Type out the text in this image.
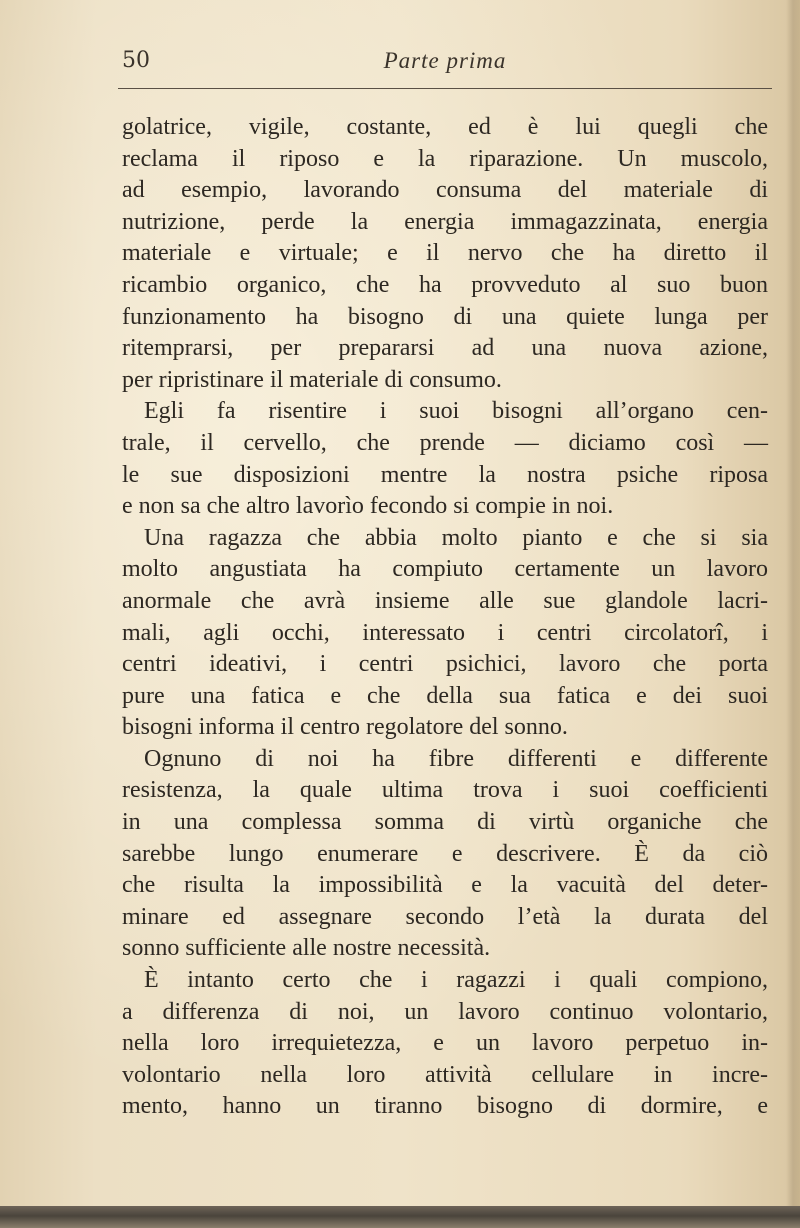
50	Parte prima
golatrice, vigile, costante, ed è lui quegli che
reclama il riposo e la riparazione. Un muscolo,
ad esempio, lavorando consuma del materiale di
nutrizione, perde la energia immagazzinata, energia
materiale e virtuale; e il nervo che ha diretto il
ricambio organico, che ha provveduto al suo buon
funzionamento ha bisogno di una quiete lunga per
ritemprarsi, per prepararsi ad una nuova azione,
per ripristinare il materiale di consumo.
Egli fa risentire i suoi bisogni all’organo cen-
trale, il cervello, che prende — diciamo così —
le sue disposizioni mentre la nostra psiche riposa
e non sa che altro lavorìo fecondo si compie in noi.
Una ragazza che abbia molto pianto e che si sia
molto angustiata ha compiuto certamente un lavoro
anormale che avrà insieme alle sue glandole lacri-
mali, agli occhi, interessato i centri circolatorî, i
centri ideativi, i centri psichici, lavoro che porta
pure una fatica e che della sua fatica e dei suoi
bisogni informa il centro regolatore del sonno.
Ognuno di noi ha fibre differenti e differente
resistenza, la quale ultima trova i suoi coefficienti
in una complessa somma di virtù organiche che
sarebbe lungo enumerare e descrivere. È da ciò
che risulta la impossibilità e la vacuità del deter-
minare ed assegnare secondo l’età la durata del
sonno sufficiente alle nostre necessità.
È intanto certo che i ragazzi i quali compiono,
a differenza di noi, un lavoro continuo volontario,
nella loro irrequietezza, e un lavoro perpetuo in-
volontario nella loro attività cellulare in incre-
mento, hanno un tiranno bisogno di dormire, e
